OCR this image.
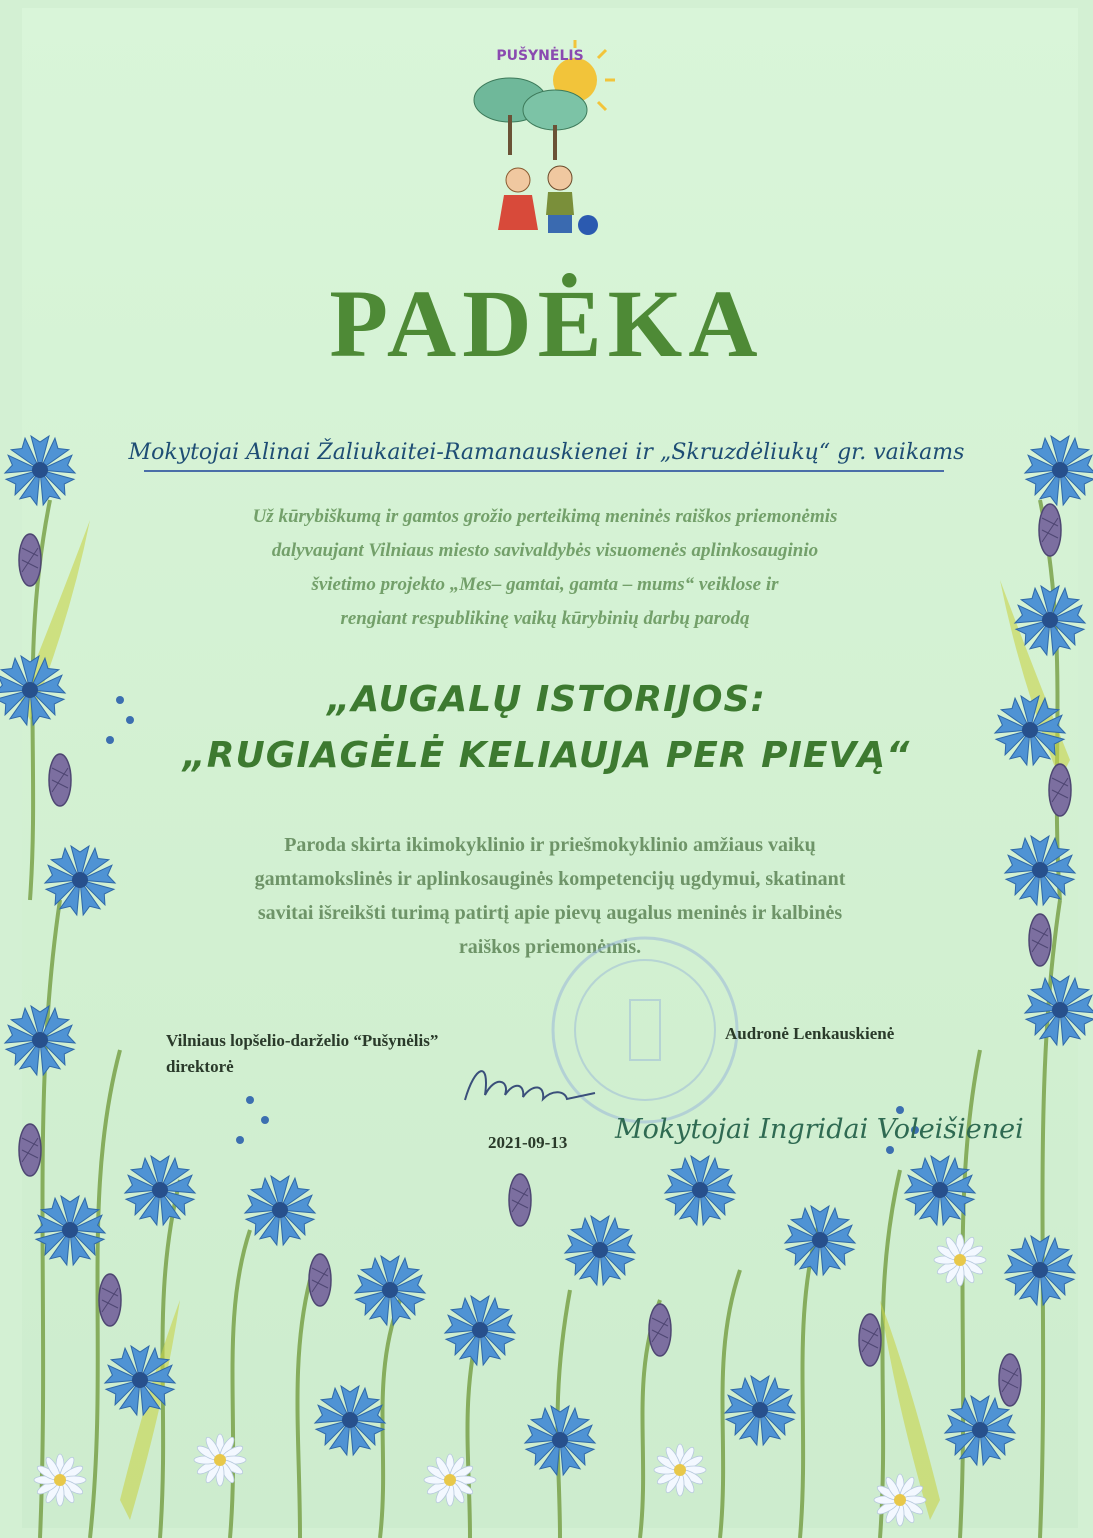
PUŠYNĖLIS
PADĖKA
Mokytojai Alinai Žaliukaitei-Ramanauskienei ir „Skruzdėliukų“ gr. vaikams
Už kūrybiškumą ir gamtos grožio perteikimą meninės raiškos priemonėmis
dalyvaujant Vilniaus miesto savivaldybės visuomenės aplinkosauginio
švietimo projekto „Mes– gamtai, gamta – mums“ veiklose ir
rengiant respublikinę vaikų kūrybinių darbų parodą
„AUGALŲ ISTORIJOS:
„RUGIAGĖLĖ KELIAUJA PER PIEVĄ“
Paroda skirta ikimokyklinio ir priešmokyklinio amžiaus vaikų
gamtamokslinės ir aplinkosauginės kompetencijų ugdymui, skatinant
savitai išreikšti turimą patirtį apie pievų augalus meninės ir kalbinės
raiškos priemonėmis.
Vilniaus lopšelio-darželio “Pušynėlis”
direktorė
Audronė Lenkauskienė
2021-09-13 Mokytojai Ingridai Voleišienei
